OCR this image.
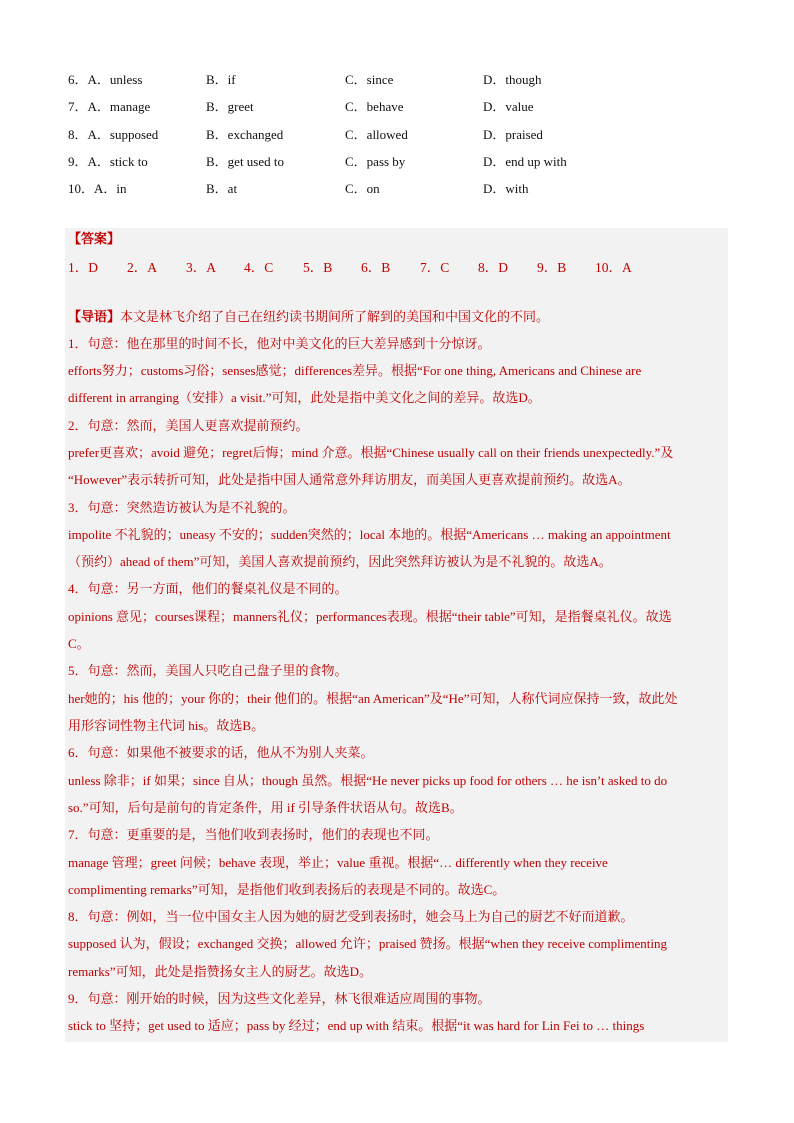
6．A．unless	B．if	C．since	D．though
7．A．manage	B．greet	C．behave	D．value
8．A．supposed	B．exchanged	C．allowed	D．praised
9．A．stick to	B．get used to	C．pass by	D．end up with
10．A．in	B．at	C．on	D．with
【答案】
1．D 2．A 3．A 4．C 5．B 6．B 7．C 8．D 9．B 10．A
【导语】本文是林飞介绍了自己在纽约读书期间所了解到的美国和中国文化的不同。
1．句意：他在那里的时间不长，他对中美文化的巨大差异感到十分惊讶。
efforts努力；customs习俗；senses感觉；differences差异。根据“For one thing, Americans and Chinese are
different in arranging（安排）a visit.”可知，此处是指中美文化之间的差异。故选D。
2．句意：然而，美国人更喜欢提前预约。
prefer更喜欢；avoid 避免；regret后悔；mind 介意。根据“Chinese usually call on their friends unexpectedly.”及
“However”表示转折可知，此处是指中国人通常意外拜访朋友，而美国人更喜欢提前预约。故选A。
3．句意：突然造访被认为是不礼貌的。
impolite 不礼貌的；uneasy 不安的；sudden突然的；local 本地的。根据“Americans … making an appointment
（预约）ahead of them”可知，美国人喜欢提前预约，因此突然拜访被认为是不礼貌的。故选A。
4．句意：另一方面，他们的餐桌礼仪是不同的。
opinions 意见；courses课程；manners礼仪；performances表现。根据“their table”可知，是指餐桌礼仪。故选
C。
5．句意：然而，美国人只吃自己盘子里的食物。
her她的；his 他的；your 你的；their 他们的。根据“an American”及“He”可知，人称代词应保持一致，故此处
用形容词性物主代词 his。故选B。
6．句意：如果他不被要求的话，他从不为别人夹菜。
unless 除非；if 如果；since 自从；though 虽然。根据“He never picks up food for others … he isn’t asked to do
so.”可知，后句是前句的肯定条件，用 if 引导条件状语从句。故选B。
7．句意：更重要的是，当他们收到表扬时，他们的表现也不同。
manage 管理；greet 问候；behave 表现，举止；value 重视。根据“… differently when they receive
complimenting remarks”可知，是指他们收到表扬后的表现是不同的。故选C。
8．句意：例如，当一位中国女主人因为她的厨艺受到表扬时，她会马上为自己的厨艺不好而道歉。
supposed 认为，假设；exchanged 交换；allowed 允许；praised 赞扬。根据“when they receive complimenting
remarks”可知，此处是指赞扬女主人的厨艺。故选D。
9．句意：刚开始的时候，因为这些文化差异，林飞很难适应周围的事物。
stick to 坚持；get used to 适应；pass by 经过；end up with 结束。根据“it was hard for Lin Fei to … things
